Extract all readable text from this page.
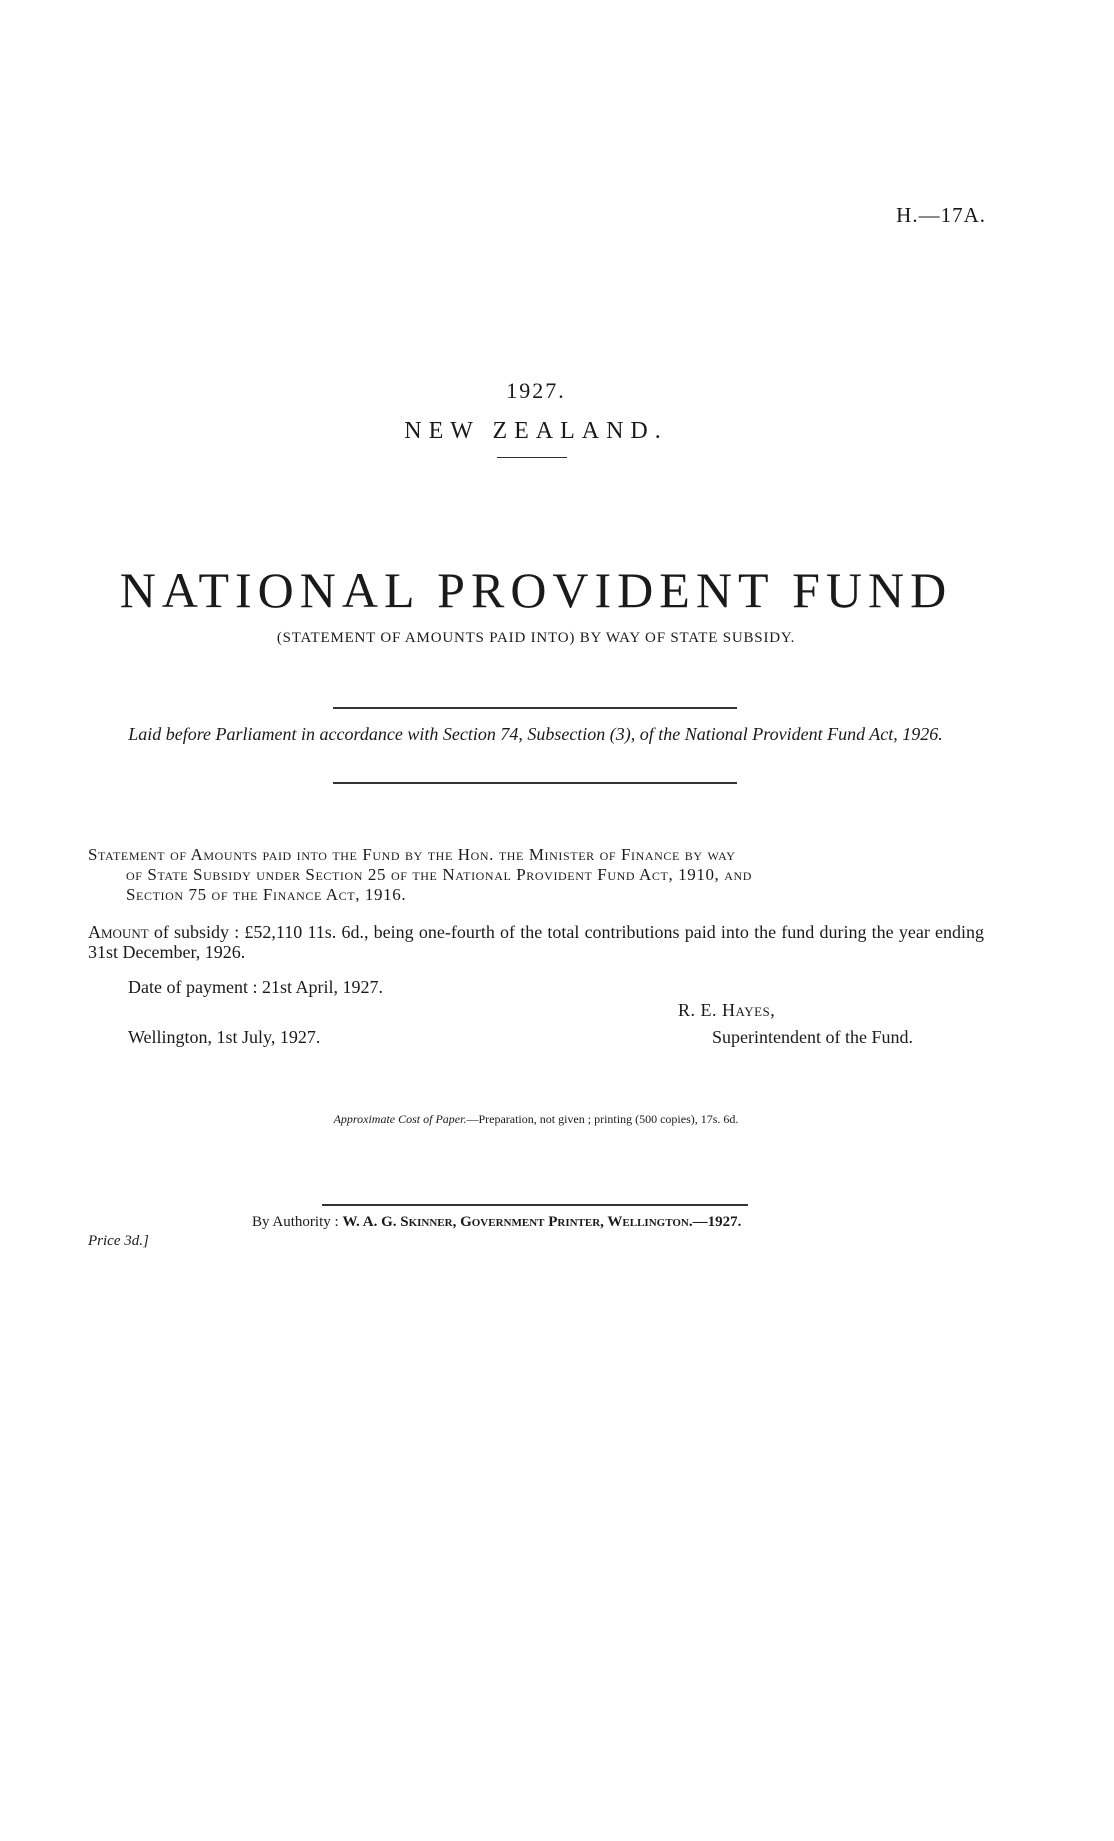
H.—17A.
1927.
NEW ZEALAND.
NATIONAL PROVIDENT FUND
(STATEMENT OF AMOUNTS PAID INTO) BY WAY OF STATE SUBSIDY.
Laid before Parliament in accordance with Section 74, Subsection (3), of the National Provident Fund Act, 1926.
Statement of Amounts paid into the Fund by the Hon. the Minister of Finance by way
of State Subsidy under Section 25 of the National Provident Fund Act, 1910, and
Section 75 of the Finance Act, 1916.
Amount of subsidy : £52,110 11s. 6d., being one-fourth of the total contributions paid into the fund during the year ending 31st December, 1926.
Date of payment : 21st April, 1927.
R. E. Hayes,
Wellington, 1st July, 1927.	Superintendent of the Fund.
Approximate Cost of Paper.—Preparation, not given ; printing (500 copies), 17s. 6d.
By Authority : W. A. G. Skinner, Government Printer, Wellington.—1927.
Price 3d.]
